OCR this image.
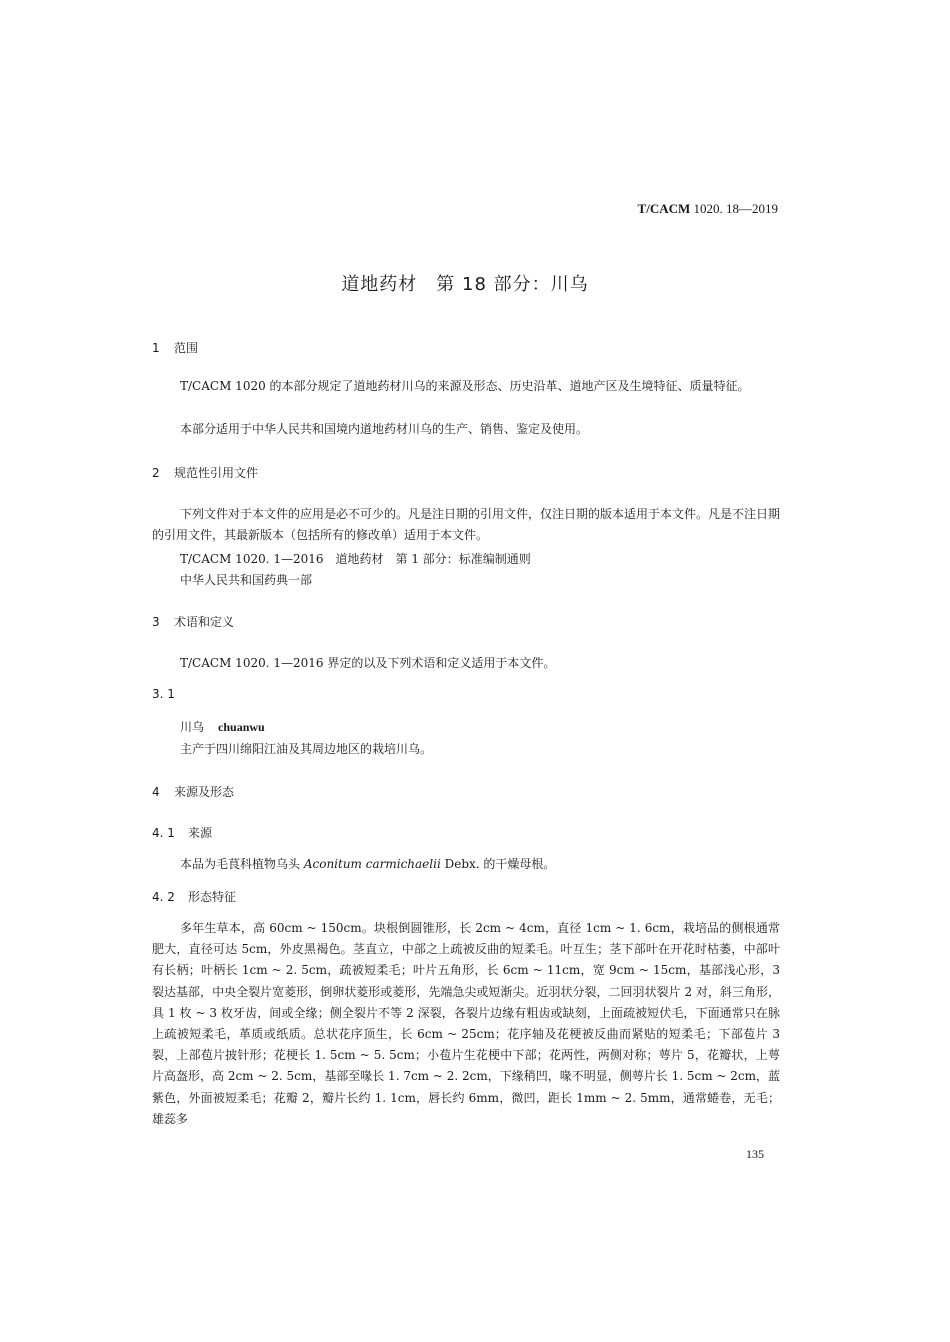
T/CACM 1020. 18—2019
道地药材　第 18 部分：川乌
1 范围
T/CACM 1020 的本部分规定了道地药材川乌的来源及形态、历史沿革、道地产区及生境特征、质量特征。
本部分适用于中华人民共和国境内道地药材川乌的生产、销售、鉴定及使用。
2 规范性引用文件
下列文件对于本文件的应用是必不可少的。凡是注日期的引用文件，仅注日期的版本适用于本文件。凡是不注日期的引用文件，其最新版本（包括所有的修改单）适用于本文件。
T/CACM 1020. 1—2016　道地药材　第 1 部分：标准编制通则
中华人民共和国药典一部
3 术语和定义
T/CACM 1020. 1—2016 界定的以及下列术语和定义适用于本文件。
3. 1
川乌 chuanwu
主产于四川绵阳江油及其周边地区的栽培川乌。
4 来源及形态
4. 1 来源
本品为毛茛科植物乌头 Aconitum carmichaelii Debx. 的干燥母根。
4. 2 形态特征
多年生草本，高 60cm ~ 150cm。块根倒圆锥形，长 2cm ~ 4cm，直径 1cm ~ 1. 6cm，栽培品的侧根通常肥大，直径可达 5cm，外皮黑褐色。茎直立，中部之上疏被反曲的短柔毛。叶互生；茎下部叶在开花时枯萎，中部叶有长柄；叶柄长 1cm ~ 2. 5cm，疏被短柔毛；叶片五角形，长 6cm ~ 11cm，宽 9cm ~ 15cm，基部浅心形，3 裂达基部，中央全裂片宽菱形，倒卵状菱形或菱形，先端急尖或短渐尖。近羽状分裂，二回羽状裂片 2 对，斜三角形，具 1 枚 ~ 3 枚牙齿，间或全缘；侧全裂片不等 2 深裂，各裂片边缘有粗齿或缺刻，上面疏被短伏毛，下面通常只在脉上疏被短柔毛，革质或纸质。总状花序顶生，长 6cm ~ 25cm；花序轴及花梗被反曲而紧贴的短柔毛；下部苞片 3 裂，上部苞片披针形；花梗长 1. 5cm ~ 5. 5cm；小苞片生花梗中下部；花两性，两侧对称；萼片 5，花瓣状，上萼片高盔形，高 2cm ~ 2. 5cm，基部至喙长 1. 7cm ~ 2. 2cm，下缘稍凹，喙不明显，侧萼片长 1. 5cm ~ 2cm，蓝紫色，外面被短柔毛；花瓣 2，瓣片长约 1. 1cm，唇长约 6mm，微凹，距长 1mm ~ 2. 5mm，通常蜷卷，无毛；雄蕊多
135
